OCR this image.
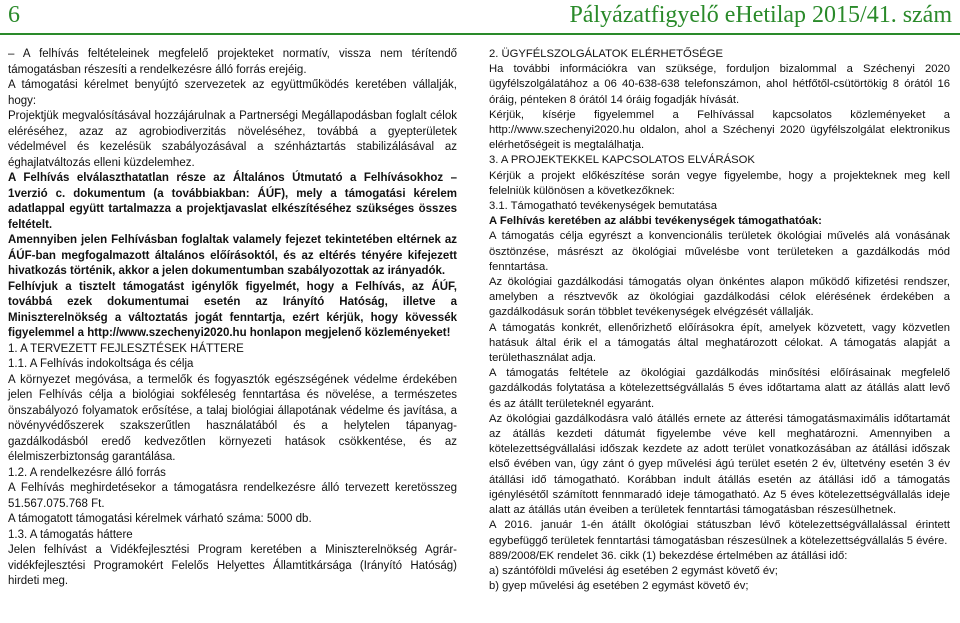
6	Pályázatfigyelő eHetilap 2015/41. szám

– A felhívás feltételeinek megfelelő projekteket normatív, vissza nem térítendő támogatásban részesíti a rendelkezésre álló forrás erejéig.

A támogatási kérelmet benyújtó szervezetek az együttműködés keretében vállalják, hogy:

Projektjük megvalósításával hozzájárulnak a Partnerségi Megállapodásban foglalt célok eléréséhez, azaz az agrobiodiverzitás növeléséhez, továbbá a gyepterületek védelmével és kezelésük szabályozásával a szénháztartás stabilizálásával az éghajlatváltozás elleni küzdelemhez.

A Felhívás elválaszthatatlan része az Általános Útmutató a Felhívásokhoz – 1verzió c. dokumentum (a továbbiakban: ÁÚF), mely a támogatási kérelem adatlappal együtt tartalmazza a projektjavaslat elkészítéséhez szükséges összes feltételt.

Amennyiben jelen Felhívásban foglaltak valamely fejezet tekintetében eltérnek az ÁÚF-ban megfogalmazott általános előírásoktól, és az eltérés tényére kifejezett hivatkozás történik, akkor a jelen dokumentumban szabályozottak az irányadók.

Felhívjuk a tisztelt támogatást igénylők figyelmét, hogy a Felhívás, az ÁÚF, továbbá ezek dokumentumai esetén az Irányító Hatóság, illetve a Miniszterelnökség a változtatás jogát fenntartja, ezért kérjük, hogy kövessék figyelemmel a http://www.szechenyi2020.hu honlapon megjelenő közleményeket!

1. A TERVEZETT FEJLESZTÉSEK HÁTTERE

1.1. A Felhívás indokoltsága és célja

A környezet megóvása, a termelők és fogyasztók egészségének védelme érdekében jelen Felhívás célja a biológiai sokféleség fenntartása és növelése, a természetes önszabályozó folyamatok erősítése, a talaj biológiai állapotának védelme és javítása, a növényvédőszerek szakszerűtlen használatából és a helytelen tápanyag-gazdálkodásból eredő kedvezőtlen környezeti hatások csökkentése, és az élelmiszerbiztonság garantálása.

1.2. A rendelkezésre álló forrás

A Felhívás meghirdetésekor a támogatásra rendelkezésre álló tervezett keretösszeg 51.567.075.768 Ft.

A támogatott támogatási kérelmek várható száma: 5000 db.

1.3. A támogatás háttere

Jelen felhívást a Vidékfejlesztési Program keretében a Miniszterelnökség Agrár-vidékfejlesztési Programokért Felelős Helyettes Államtitkársága (Irányító Hatóság) hirdeti meg.

2. ÜGYFÉLSZOLGÁLATOK ELÉRHETŐSÉGE

Ha további információkra van szüksége, forduljon bizalommal a Széchenyi 2020 ügyfélszolgálatához a 06 40-638-638 telefonszámon, ahol hétfőtől-csütörtökig 8 órától 16 óráig, pénteken 8 órától 14 óráig fogadják hívását.

Kérjük, kísérje figyelemmel a Felhívással kapcsolatos közleményeket a http://www.szechenyi2020.hu oldalon, ahol a Széchenyi 2020 ügyfélszolgálat elektronikus elérhetőségeit is megtalálhatja.

3. A PROJEKTEKKEL KAPCSOLATOS ELVÁRÁSOK

Kérjük a projekt előkészítése során vegye figyelembe, hogy a projekteknek meg kell felelniük különösen a következőknek:

3.1. Támogatható tevékenységek bemutatása

A Felhívás keretében az alábbi tevékenységek támogathatóak:

A támogatás célja egyrészt a konvencionális területek ökológiai művelés alá vonásának ösztönzése, másrészt az ökológiai művelésbe vont területeken a gazdálkodás mód fenntartása.

Az ökológiai gazdálkodási támogatás olyan önkéntes alapon működő kifizetési rendszer, amelyben a résztvevők az ökológiai gazdálkodási célok elérésének érdekében a gazdálkodásuk során többlet tevékenységek elvégzését vállalják.

A támogatás konkrét, ellenőrizhető előírásokra épít, amelyek közvetett, vagy közvetlen hatásuk által érik el a támogatás által meghatározott célokat. A támogatás alapját a területhasználat adja.

A támogatás feltétele az ökológiai gazdálkodás minősítési előírásainak megfelelő gazdálkodás folytatása a kötelezettségvállalás 5 éves időtartama alatt az átállás alatt levő és az átállt területeknél egyaránt.

Az ökológiai gazdálkodásra való átállés ernete az átterési támogatásmaximális időtartamát az átállás kezdeti dátumát figyelembe véve kell meghatározni. Amennyiben a kötelezettségvállalási időszak kezdete az adott terület vonatkozásában az átállási időszak első évében van, úgy zánt ó gyep művelési ágú terület esetén 2 év, ültetvény esetén 3 év átállási idő támogatható. Korábban indult átállás esetén az átállási idő a támogatás igénylésétől számított fennmaradó ideje támogatható. Az 5 éves kötelezettségvállalás ideje alatt az átállás után éveiben a területek fenntartási támogatásban részesülhetnek.

A 2016. január 1-én átállt ökológiai státuszban lévő kötelezettségvállalással érintett egybefüggő területek fenntartási támogatásban részesülnek a kötelezettségvállalás 5 évére.

889/2008/EK rendelet 36. cikk (1) bekezdése értelmében az átállási idő:

a) szántóföldi művelési ág esetében 2 egymást követő év;

b) gyep művelési ág esetében 2 egymást követő év;
